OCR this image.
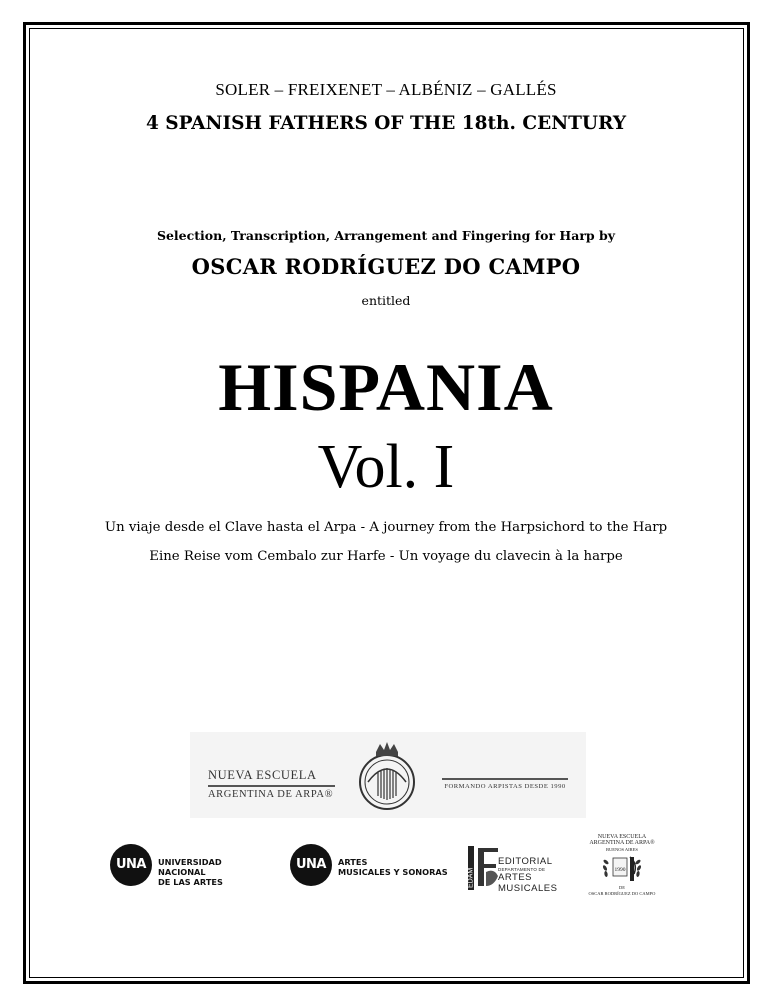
SOLER – FREIXENET – ALBÉNIZ – GALLÉS
4 SPANISH FATHERS OF THE 18th. CENTURY
Selection, Transcription, Arrangement and Fingering for Harp by
OSCAR RODRÍGUEZ DO CAMPO
entitled
HISPANIA
Vol. I
Un viaje desde el Clave hasta el Arpa - A journey from the Harpsichord to the Harp
Eine Reise vom Cembalo zur Harfe - Un voyage du clavecin à la harpe
NUEVA ESCUELA
ARGENTINA DE ARPA®
FORMANDO ARPISTAS DESDE 1990
UNA	UNIVERSIDAD NACIONAL
DE LAS ARTES
UNA	ARTES
MUSICALES Y SONORAS	EDAM
EDITORIAL
DEPARTAMENTO DE
ARTES
MUSICALES
NUEVA ESCUELA
ARGENTINA DE ARPA®
BUENOS AIRES
1990
DE
OSCAR RODRÍGUEZ DO CAMPO
